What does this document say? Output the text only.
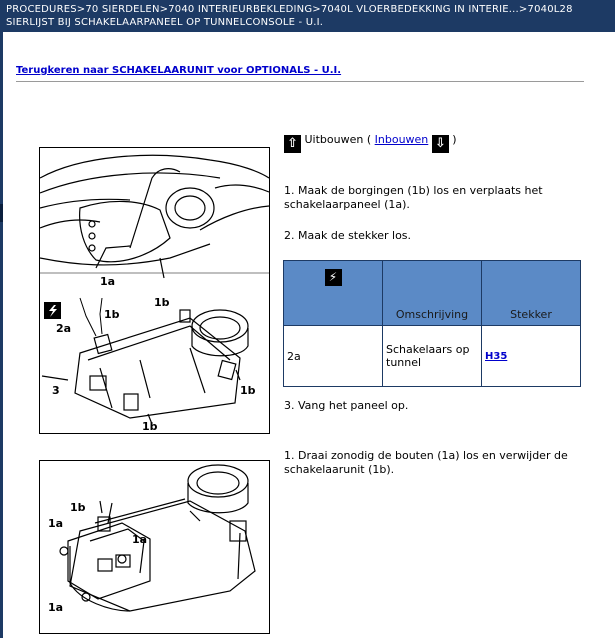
PROCEDURES>70 SIERDELEN>7040 INTERIEURBEKLEDING>7040L VLOERBEDEKKING IN INTERIE...>7040L28
SIERLIJST BIJ SCHAKELAARPANEEL OP TUNNELCONSOLE - U.I.
Terugkeren naar SCHAKELAARUNIT voor OPTIONALS - U.I.
1a
1b
2a
1b
3	1b
1b
⇧ Uitbouwen ( Inbouwen ⇩ )
1. Maak de borgingen (1b) los en verplaats het schakelaarpaneel (1a).
2. Maak de stekker los.
⚡	Omschrijving	Stekker
2a	Schakelaars op tunnel	H35
3. Vang het paneel op.
1b
1a
1a
1a
1. Draai zonodig de bouten (1a) los en verwijder de schakelaarunit (1b).
